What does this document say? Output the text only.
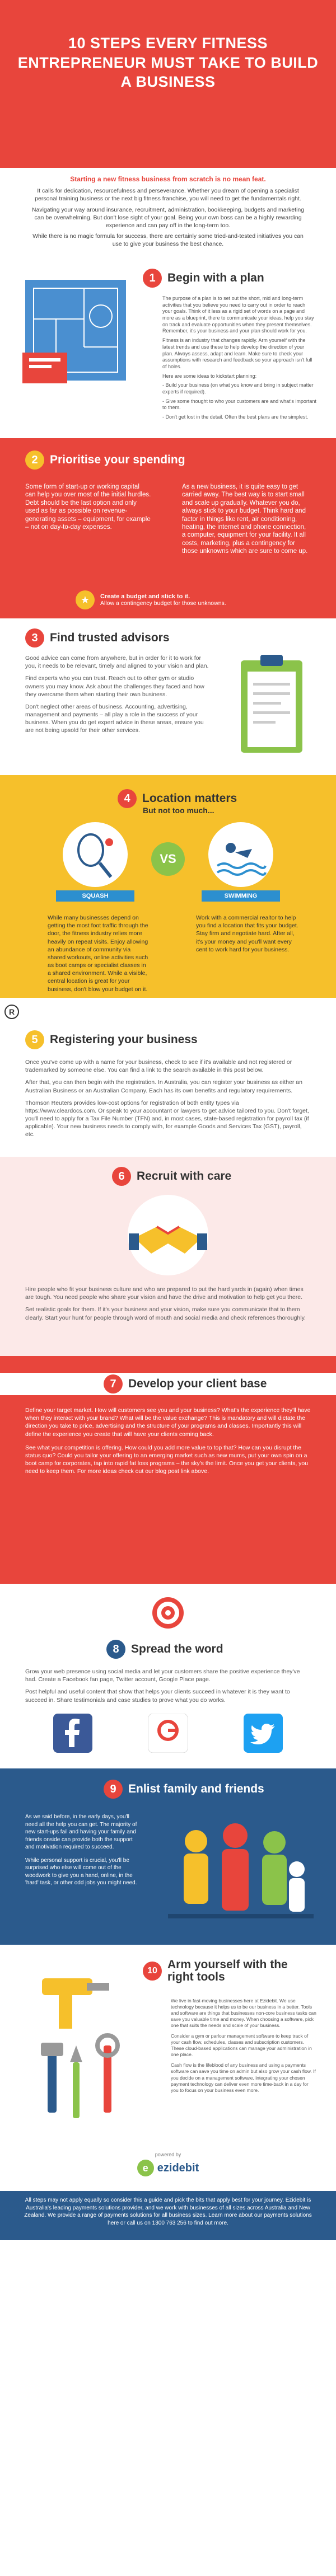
10 STEPS EVERY FITNESS ENTREPRENEUR MUST TAKE TO BUILD A BUSINESS

Starting a new fitness business from scratch is no mean feat.

It calls for dedication, resourcefulness and perseverance. Whether you dream of opening a specialist personal training business or the next big fitness franchise, you will need to get the fundamentals right.

Navigating your way around insurance, recruitment, administration, bookkeeping, budgets and marketing can be overwhelming. But don't lose sight of your goal. Being your own boss can be a highly rewarding experience and can pay off in the long-term too.

While there is no magic formula for success, there are certainly some tried-and-tested initiatives you can use to give your business the best chance.

1	Begin with a plan

The purpose of a plan is to set out the short, mid and long-term activities that you believe you need to carry out in order to reach your goals. Think of it less as a rigid set of words on a page and more as a blueprint, there to communicate your ideas, help you stay on track and evaluate opportunities when they present themselves. Remember, it's your business and your plan should work for you.

Fitness is an industry that changes rapidly. Arm yourself with the latest trends and use these to help develop the direction of your plan. Always assess, adapt and learn. Make sure to check your assumptions with research and feedback so your approach isn't full of holes.

Here are some ideas to kickstart planning:

- Build your business (on what you know and bring in subject matter experts if required).

- Give some thought to who your customers are and what's important to them.

- Don't get lost in the detail. Often the best plans are the simplest.

2	Prioritise your spending

Some form of start-up or working capital can help you over most of the initial hurdles. Debt should be the last option and only used as far as possible on revenue-generating assets – equipment, for example – not on day-to-day expenses.

As a new business, it is quite easy to get carried away. The best way is to start small and scale up gradually. Whatever you do, always stick to your budget. Think hard and factor in things like rent, air conditioning, heating, the internet and phone connection, a computer, equipment for your facility. It all costs, marketing, plus a contingency for those unknowns which are sure to come up.

★	Create a budget and stick to it.
Allow a contingency budget for those unknowns.
3	Find trusted advisors

Good advice can come from anywhere, but in order for it to work for you, it needs to be relevant, timely and aligned to your vision and plan.

Find experts who you can trust. Reach out to other gym or studio owners you may know. Ask about the challenges they faced and how they overcame them when starting their own business.

Don't neglect other areas of business. Accounting, advertising, management and payments – all play a role in the success of your business. When you do get expert advice in these areas, ensure you are not being upsold for their other services.

4	Location matters
But not too much...
SQUASH
VS
SWIMMING

While many businesses depend on getting the most foot traffic through the door, the fitness industry relies more heavily on repeat visits. Enjoy allowing an abundance of community via shared workouts, online activities such as boot camps or specialist classes in a shared environment. While a visible, central location is great for your business, don't blow your budget on it.

Work with a commercial realtor to help you find a location that fits your budget. Stay firm and negotiate hard. After all, it's your money and you'll want every cent to work hard for your business.

R
5	Registering your business

Once you've come up with a name for your business, check to see if it's available and not registered or trademarked by someone else. You can find a link to the search available in this post below.

After that, you can then begin with the registration. In Australia, you can register your business as either an Australian Business or an Australian Company. Each has its own benefits and regulatory requirements.

Thomson Reuters provides low-cost options for registration of both entity types via https://www.cleardocs.com. Or speak to your accountant or lawyers to get advice tailored to you. Don't forget, you'll need to apply for a Tax File Number (TFN) and, in most cases, state-based registration for payroll tax (if applicable). Your new business needs to comply with, for example Goods and Services Tax (GST), payroll, etc.

6	Recruit with care

Hire people who fit your business culture and who are prepared to put the hard yards in (again) when times are tough. You need people who share your vision and have the drive and motivation to help get you there.

Set realistic goals for them. If it's your business and your vision, make sure you communicate that to them clearly. Start your hunt for people through word of mouth and social media and check references thoroughly.

7	Develop your client base

Define your target market. How will customers see you and your business? What's the experience they'll have when they interact with your brand? What will be the value exchange? This is mandatory and will dictate the direction you take to price, advertising and the structure of your programs and classes. Importantly this will define the experience you create that will have your clients coming back.

See what your competition is offering. How could you add more value to top that? How can you disrupt the status quo? Could you tailor your offering to an emerging market such as new mums, put your own spin on a boot camp for corporates, tap into rapid fat loss programs – the sky's the limit. Once you get your clients, you need to keep them. For more ideas check out our blog post link above.

8	Spread the word

Grow your web presence using social media and let your customers share the positive experience they've had. Create a Facebook fan page, Twitter account, Google Place page.

Post helpful and useful content that show that helps your clients succeed in whatever it is they want to succeed in. Share testimonials and case studies to prove what you do works.

9	Enlist family and friends

As we said before, in the early days, you'll need all the help you can get. The majority of new start-ups fail and having your family and friends onside can provide both the support and motivation required to succeed.

While personal support is crucial, you'll be surprised who else will come out of the woodwork to give you a hand, online, in the 'hard' task, or other odd jobs you might need.

10 Arm yourself with the
right tools

We live in fast-moving businesses here at Ezidebit. We use technology because it helps us to be our business in a better. Tools and software are things that businesses non-core business tasks can save you valuable time and money. When choosing a software, pick one that suits the needs and scale of your business.

Consider a gym or parlour management software to keep track of your cash flow, schedules, classes and subscription customers. These cloud-based applications can manage your administration in one place.

Cash flow is the lifeblood of any business and using a payments software can save you time on admin but also grow your cash flow. If you decide on a management software, integrating your chosen payment technology can deliver even more time-back in a day for you to focus on your business even more.

powered by
e ezidebit

All steps may not apply equally so consider this a guide and pick the bits that apply best for your journey. Ezidebit is Australia's leading payments solutions provider, and we work with businesses of all sizes across Australia and New Zealand. We provide a range of payments solutions for all business sizes. Learn more about our payments solutions here or call us on 1300 763 256 to find out more.
